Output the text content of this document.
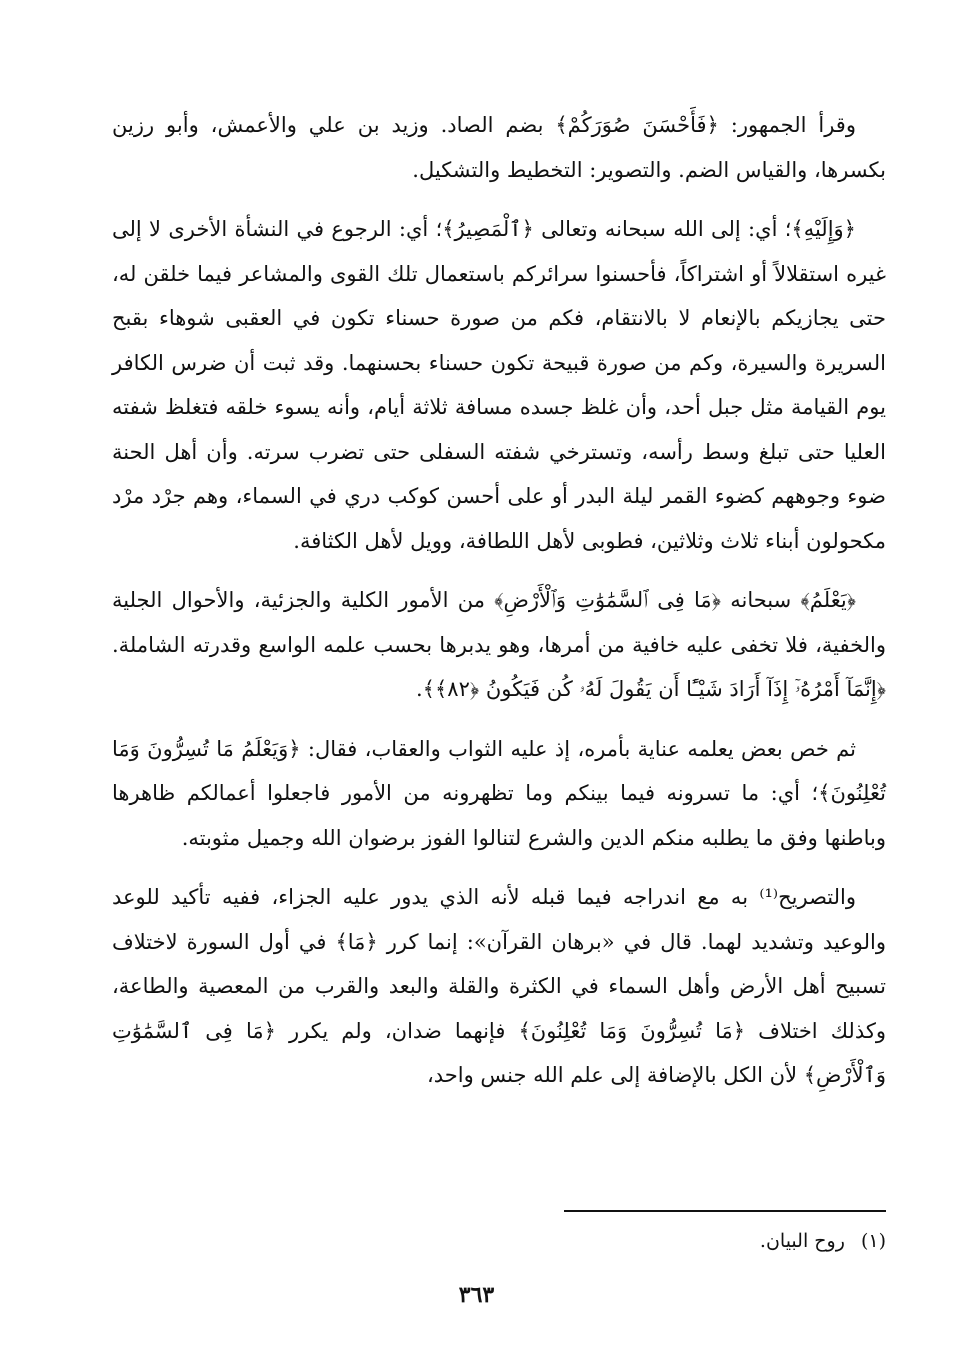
وقرأ الجمهور: ﴿فَأَحْسَنَ صُوَرَكُمْ﴾ بضم الصاد. وزيد بن علي والأعمش، وأبو رزين بكسرها، والقياس الضم. والتصوير: التخطيط والتشكيل.

﴿وَإِلَيْهِ﴾؛ أي: إلى الله سبحانه وتعالى ﴿ٱلْمَصِيرُ﴾؛ أي: الرجوع في النشأة الأخرى لا إلى غيره استقلالاً أو اشتراكاً، فأحسنوا سرائركم باستعمال تلك القوى والمشاعر فيما خلقن له، حتى يجازيكم بالإنعام لا بالانتقام، فكم من صورة حسناء تكون في العقبى شوهاء بقبح السريرة والسيرة، وكم من صورة قبيحة تكون حسناء بحسنهما. وقد ثبت أن ضرس الكافر يوم القيامة مثل جبل أحد، وأن غلظ جسده مسافة ثلاثة أيام، وأنه يسوء خلقه فتغلظ شفته العليا حتى تبلغ وسط رأسه، وتسترخي شفته السفلى حتى تضرب سرته. وأن أهل الحنة ضوء وجوههم كضوء القمر ليلة البدر أو على أحسن كوكب دري في السماء، وهم جرْد مرْد مكحولون أبناء ثلاث وثلاثين، فطوبى لأهل اللطافة، وويل لأهل الكثافة.

﴿يَعْلَمُ﴾ سبحانه ﴿مَا فِى ٱلسَّمَٰوَٰتِ وَٱلْأَرْضِ﴾ من الأمور الكلية والجزئية، والأحوال الجلية والخفية، فلا تخفى عليه خافية من أمرها، وهو يدبرها بحسب علمه الواسع وقدرته الشاملة. ﴿إِنَّمَآ أَمْرُهُۥٓ إِذَآ أَرَادَ شَيْـًٔا أَن يَقُولَ لَهُۥ كُن فَيَكُونُ ﴿٨٢﴾﴾.

ثم خص بعض يعلمه عناية بأمره، إذ عليه الثواب والعقاب، فقال: ﴿وَيَعْلَمُ مَا تُسِرُّونَ وَمَا تُعْلِنُونَ﴾؛ أي: ما تسرونه فيما بينكم وما تظهرونه من الأمور فاجعلوا أعمالكم ظاهرها وباطنها وفق ما يطلبه منكم الدين والشرع لتنالوا الفوز برضوان الله وجميل مثوبته.

والتصريح⁽¹⁾ به مع اندراجه فيما قبله لأنه الذي يدور عليه الجزاء، ففيه تأكيد للوعد والوعيد وتشديد لهما. قال في «برهان القرآن»: إنما كرر ﴿مَا﴾ في أول السورة لاختلاف تسبيح أهل الأرض وأهل السماء في الكثرة والقلة والبعد والقرب من المعصية والطاعة، وكذلك اختلاف ﴿مَا تُسِرُّونَ وَمَا تُعْلِنُونَ﴾ فإنهما ضدان، ولم يكرر ﴿مَا فِى ٱلسَّمَٰوَٰتِ وَٱلْأَرْضِ﴾ لأن الكل بالإضافة إلى علم الله جنس واحد،

(١) روح البيان.
٣٦٣
